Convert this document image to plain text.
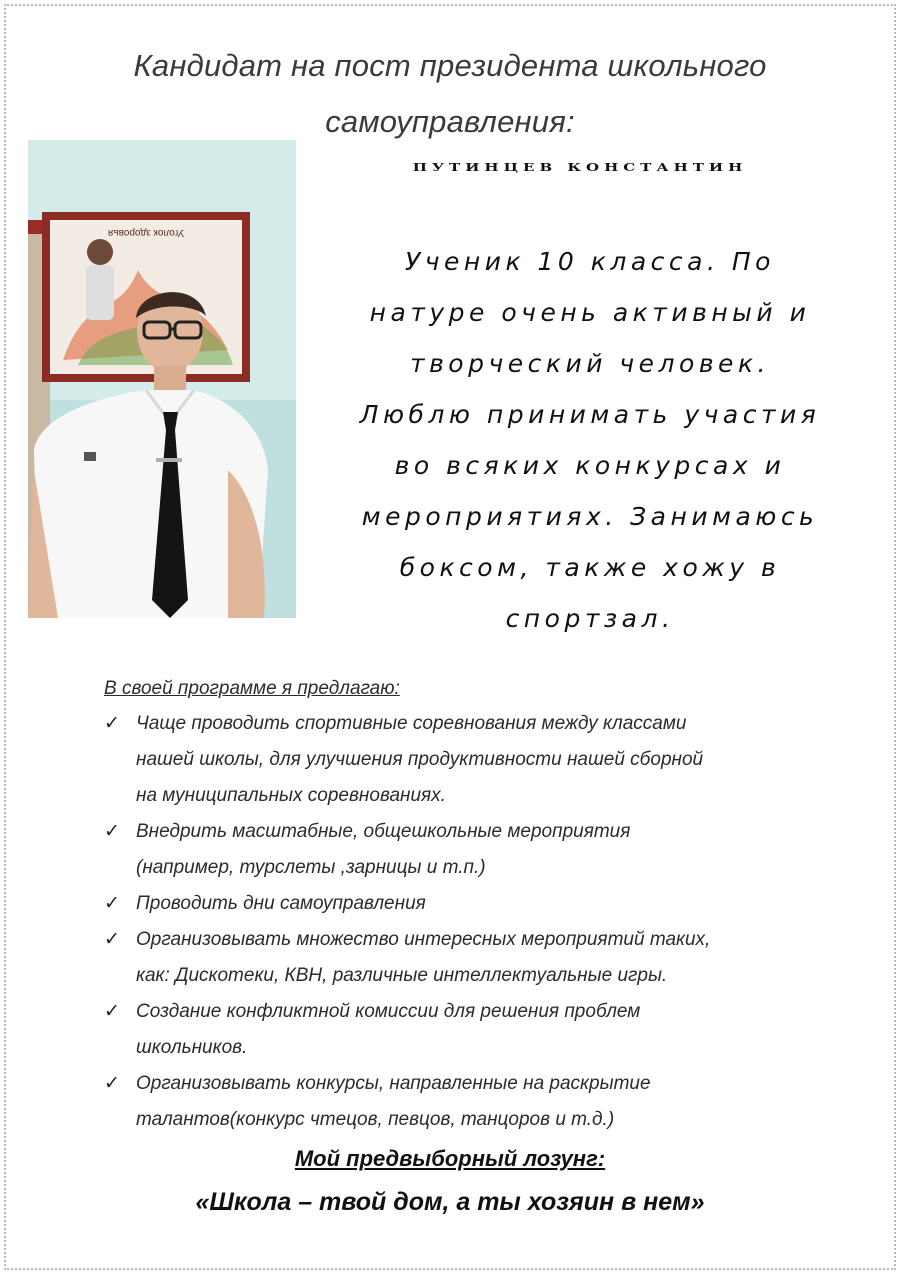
Кандидат на пост президента школьного
самоуправления:
ПУТИНЦЕВ КОНСТАНТИН
Уголок здоровья
Ученик 10 класса. По
натуре очень активный и
творческий человек.
Люблю принимать участия
во всяких конкурсах и
мероприятиях. Занимаюсь
боксом, также хожу в
спортзал.
В своей программе я предлагаю:
✓ Чаще проводить спортивные соревнования между классами
нашей школы, для улучшения продуктивности нашей сборной
на муниципальных соревнованиях.
✓ Внедрить масштабные, общешкольные мероприятия
(например, турслеты ,зарницы и т.п.)
✓ Проводить дни самоуправления
✓ Организовывать множество интересных мероприятий таких,
как: Дискотеки, КВН, различные интеллектуальные игры.
✓ Создание конфликтной комиссии для решения проблем
школьников.
✓ Организовывать конкурсы, направленные на раскрытие
талантов(конкурс чтецов, певцов, танцоров и т.д.)
Мой предвыборный лозунг:
«Школа – твой дом, а ты хозяин в нем»
